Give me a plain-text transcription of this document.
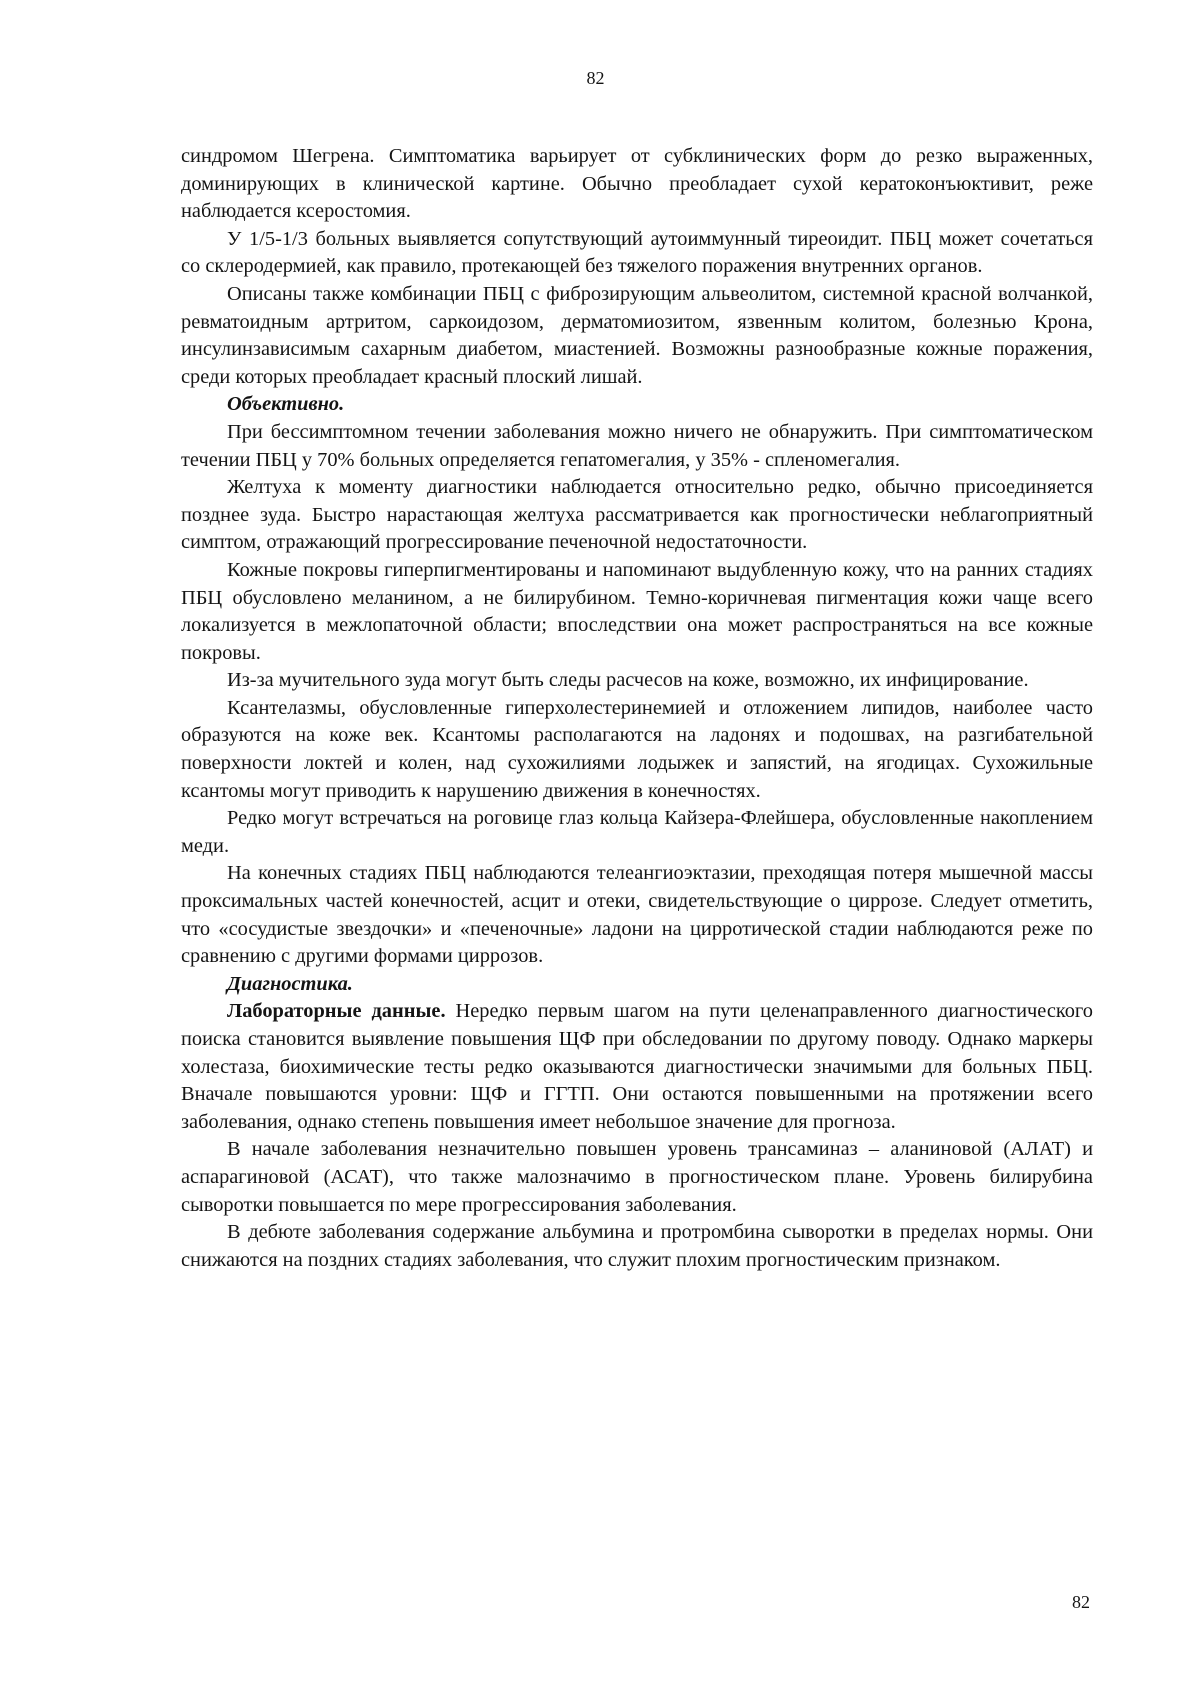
82

синдромом Шегрена. Симптоматика варьирует от субклинических форм до резко выраженных, доминирующих в клинической картине. Обычно преобладает сухой кератоконъюктивит, реже наблюдается ксеростомия.

У 1/5-1/3 больных выявляется сопутствующий аутоиммунный тиреоидит. ПБЦ может сочетаться со склеродермией, как правило, протекающей без тяжелого поражения внутренних органов.

Описаны также комбинации ПБЦ с фиброзирующим альвеолитом, системной красной волчанкой, ревматоидным артритом, саркоидозом, дерматомиозитом, язвенным колитом, болезнью Крона, инсулинзависимым сахарным диабетом, миастенией. Возможны разнообразные кожные поражения, среди которых преобладает красный плоский лишай.

Объективно.

При бессимптомном течении заболевания можно ничего не обнаружить. При симптоматическом течении ПБЦ у 70% больных определяется гепатомегалия, у 35% - спленомегалия.

Желтуха к моменту диагностики наблюдается относительно редко, обычно присоединяется позднее зуда. Быстро нарастающая желтуха рассматривается как прогностически неблагоприятный симптом, отражающий прогрессирование печеночной недостаточности.

Кожные покровы гиперпигментированы и напоминают выдубленную кожу, что на ранних стадиях ПБЦ обусловлено меланином, а не билирубином. Темно-коричневая пигментация кожи чаще всего локализуется в межлопаточной области; впоследствии она может распространяться на все кожные покровы.

Из-за мучительного зуда могут быть следы расчесов на коже, возможно, их инфицирование.

Ксантелазмы, обусловленные гиперхолестеринемией и отложением липидов, наиболее часто образуются на коже век. Ксантомы располагаются на ладонях и подошвах, на разгибательной поверхности локтей и колен, над сухожилиями лодыжек и запястий, на ягодицах. Сухожильные ксантомы могут приводить к нарушению движения в конечностях.

Редко могут встречаться на роговице глаз кольца Кайзера-Флейшера, обусловленные накоплением меди.

На конечных стадиях ПБЦ наблюдаются телеангиоэктазии, преходящая потеря мышечной массы проксимальных частей конечностей, асцит и отеки, свидетельствующие о циррозе. Следует отметить, что «сосудистые звездочки» и «печеночные» ладони на цирротической стадии наблюдаются реже по сравнению с другими формами циррозов.

Диагностика.

Лабораторные данные. Нередко первым шагом на пути целенаправленного диагностического поиска становится выявление повышения ЩФ при обследовании по другому поводу. Однако маркеры холестаза, биохимические тесты редко оказываются диагностически значимыми для больных ПБЦ. Вначале повышаются уровни: ЩФ и ГГТП. Они остаются повышенными на протяжении всего заболевания, однако степень повышения имеет небольшое значение для прогноза.

В начале заболевания незначительно повышен уровень трансаминаз – аланиновой (АЛАТ) и аспарагиновой (АСАТ), что также малозначимо в прогностическом плане. Уровень билирубина сыворотки повышается по мере прогрессирования заболевания.

В дебюте заболевания содержание альбумина и протромбина сыворотки в пределах нормы. Они снижаются на поздних стадиях заболевания, что служит плохим прогностическим признаком.

82
